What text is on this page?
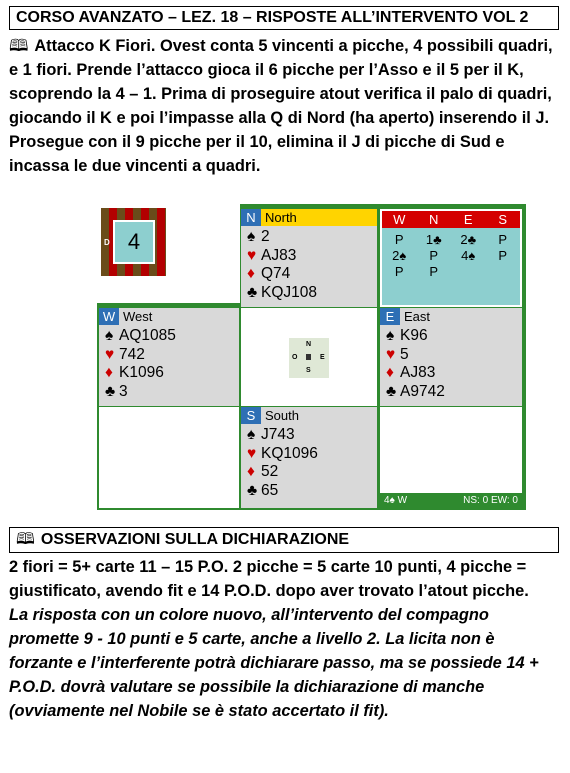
CORSO AVANZATO – LEZ. 18 – RISPOSTE ALL’INTERVENTO VOL 2
🕮 Attacco K Fiori. Ovest conta 5 vincenti a picche, 4 possibili quadri, e 1 fiori. Prende l’attacco gioca il 6 picche per l’Asso e il 5 per il K, scoprendo la 4 – 1. Prima di proseguire atout verifica il palo di quadri, giocando il K e poi l’impasse alla Q di Nord (ha aperto) inserendo il J. Prosegue con il 9 picche per il 10, elimina il J di picche di Sud e incassa le due vincenti a quadri.
D 4
N North
♠ 2
♥ AJ83
♦ Q74
♣ KQJ108
W	N	E	S
P	1♣	2♣	P
2♠	P	4♠	P
P	P
W West
♠ AQ1085
♥ 742
♦ K1096
♣ 3
N
O	E
S
E East
♠ K96
♥ 5
♦ AJ83
♣ A9742
S South
♠ J743
♥ KQ1096
♦ 52
♣ 65
4♠ W	NS: 0 EW: 0
🕮 OSSERVAZIONI SULLA DICHIARAZIONE
2 fiori = 5+ carte 11 – 15 P.O. 2 picche = 5 carte 10 punti, 4 picche = giustificato, avendo fit e 14 P.O.D. dopo aver trovato l’atout picche.    La risposta con un colore nuovo, all’intervento del compagno promette 9 - 10 punti e 5 carte, anche a livello 2. La licita non è forzante e l’interferente potrà dichiarare passo, ma se possiede 14 + P.O.D. dovrà valutare se possibile la dichiarazione di manche (ovviamente nel Nobile se è stato accertato il fit).
